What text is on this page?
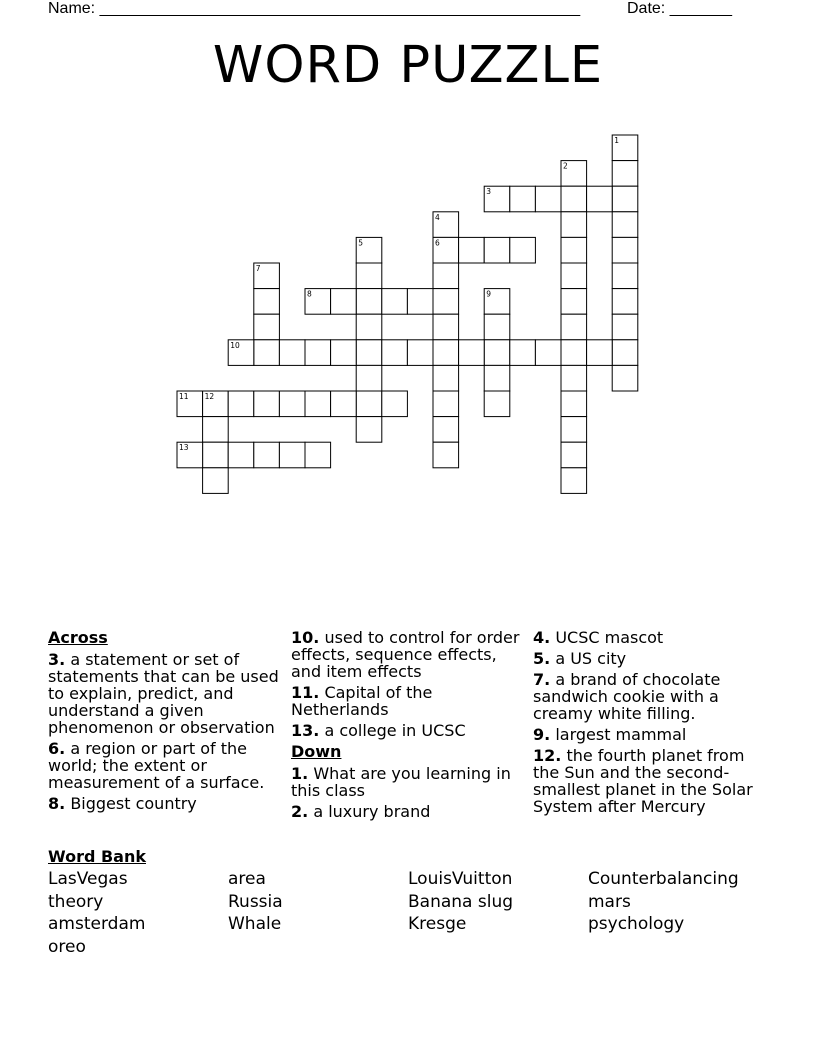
Name: ______________________________________________________	Date: _______
WORD PUZZLE
1
2
3
4
5	6
7
8	9
10
11 12
13
Across
3. a statement or set of statements that can be used to explain, predict, and understand a given phenomenon or observation
6. a region or part of the world; the extent or measurement of a surface.
8. Biggest country
10. used to control for order effects, sequence effects, and item effects
11. Capital of the Netherlands
13. a college in UCSC
Down
1. What are you learning in this class
2. a luxury brand
4. UCSC mascot
5. a US city
7. a brand of chocolate sandwich cookie with a creamy white filling.
9. largest mammal
12. the fourth planet from the Sun and the second-smallest planet in the Solar System after Mercury
Word Bank
LasVegas	area	LouisVuitton	Counterbalancing
theory	Russia	Banana slug	mars
amsterdam	Whale	Kresge	psychology
oreo
